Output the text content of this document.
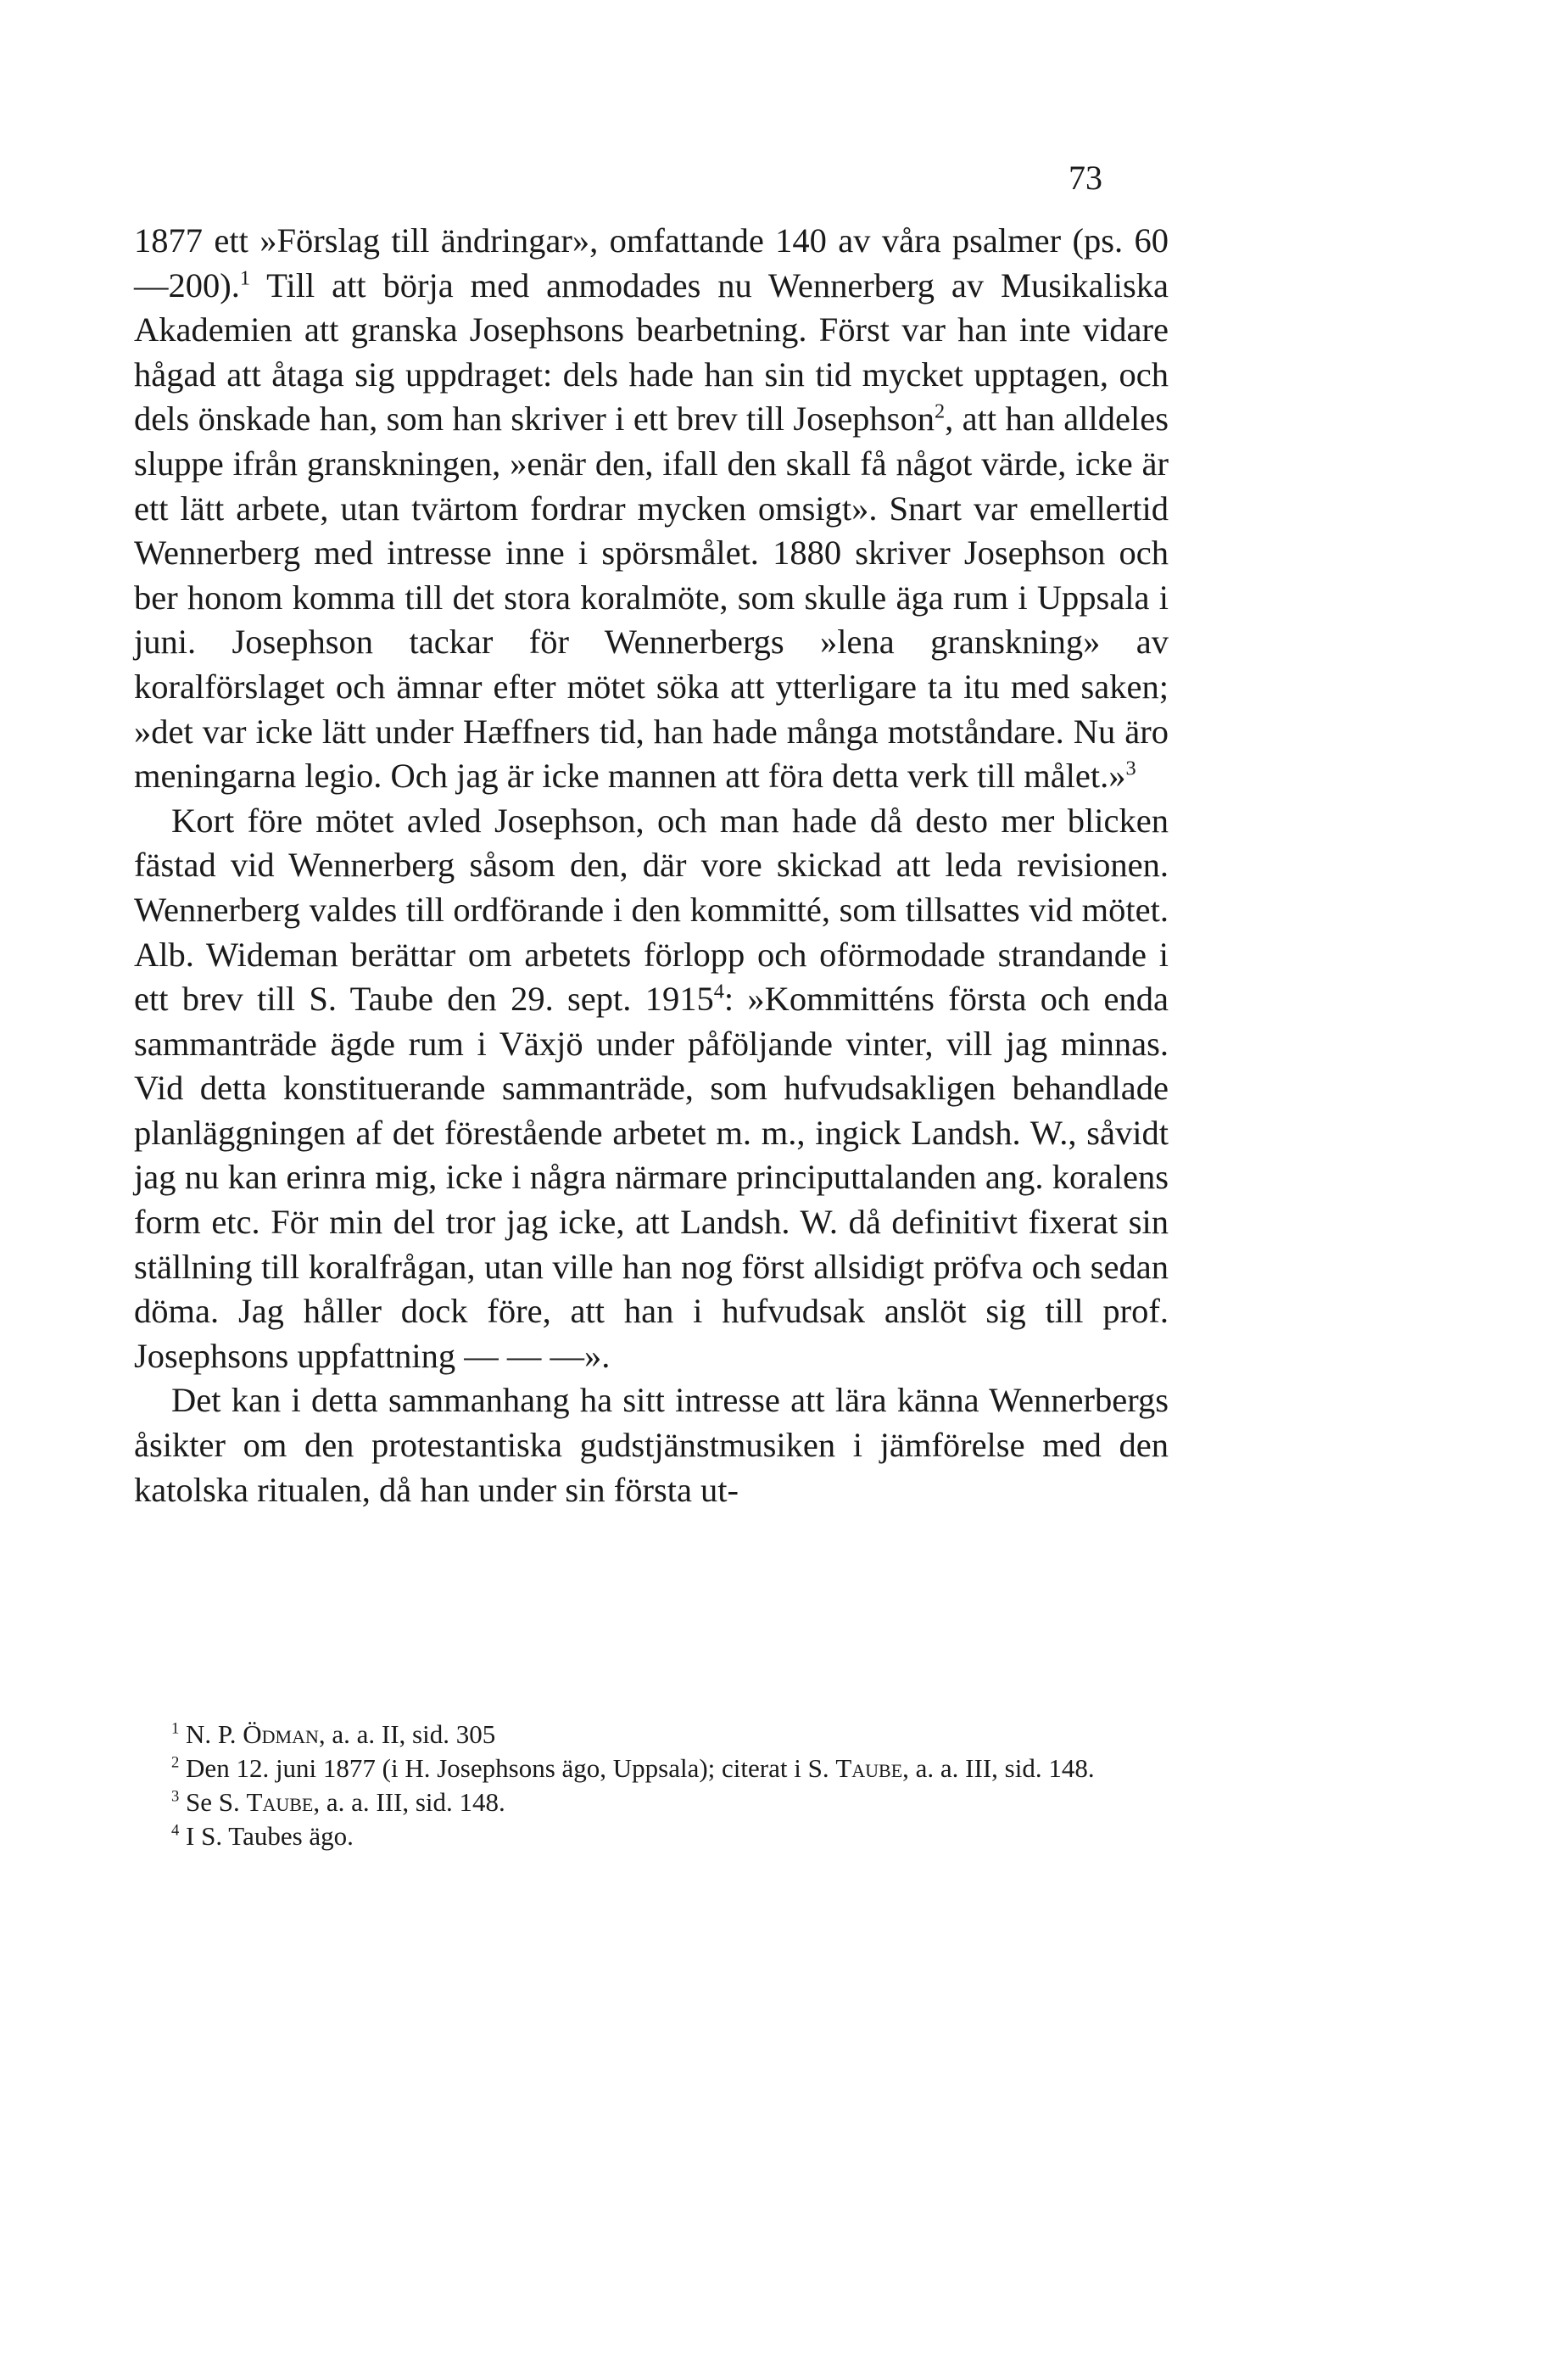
73

1877 ett »Förslag till ändringar», omfattande 140 av våra psalmer (ps. 60—200).$^1$ Till att börja med anmodades nu Wennerberg av Musikaliska Akademien att granska Josephsons bearbetning. Först var han inte vidare hågad att åtaga sig uppdraget: dels hade han sin tid mycket upptagen, och dels önskade han, som han skriver i ett brev till Josephson$^2$, att han alldeles sluppe ifrån granskningen, »enär den, ifall den skall få något värde, icke är ett lätt arbete, utan tvärtom fordrar mycken omsigt». Snart var emellertid Wennerberg med intresse inne i spörsmålet. 1880 skriver Josephson och ber honom komma till det stora koralmöte, som skulle äga rum i Uppsala i juni. Josephson tackar för Wennerbergs »lena granskning» av koralförslaget och ämnar efter mötet söka att ytterligare ta itu med saken; »det var icke lätt under Hæffners tid, han hade många motståndare. Nu äro meningarna legio. Och jag är icke mannen att föra detta verk till målet.»$^3$

Kort före mötet avled Josephson, och man hade då desto mer blicken fästad vid Wennerberg såsom den, där vore skickad att leda revisionen. Wennerberg valdes till ordförande i den kommitté, som tillsattes vid mötet. Alb. Wideman berättar om arbetets förlopp och oförmodade strandande i ett brev till S. Taube den 29. sept. 1915$^4$: »Kommitténs första och enda sammanträde ägde rum i Växjö under påföljande vinter, vill jag minnas. Vid detta konstituerande sammanträde, som hufvudsakligen behandlade planläggningen af det förestående arbetet m. m., ingick Landsh. W., såvidt jag nu kan erinra mig, icke i några närmare principuttalanden ang. koralens form etc. För min del tror jag icke, att Landsh. W. då definitivt fixerat sin ställning till koralfrågan, utan ville han nog först allsidigt pröfva och sedan döma. Jag håller dock före, att han i hufvudsak anslöt sig till prof. Josephsons uppfattning — — —».

Det kan i detta sammanhang ha sitt intresse att lära känna Wennerbergs åsikter om den protestantiska gudstjänstmusiken i jämförelse med den katolska ritualen, då han under sin första ut-

$^1$ N. P. Ödman, a. a. II, sid. 305

$^2$ Den 12. juni 1877 (i H. Josephsons ägo, Uppsala); citerat i S. Taube, a. a. III, sid. 148.

$^3$ Se S. Taube, a. a. III, sid. 148.

$^4$ I S. Taubes ägo.
